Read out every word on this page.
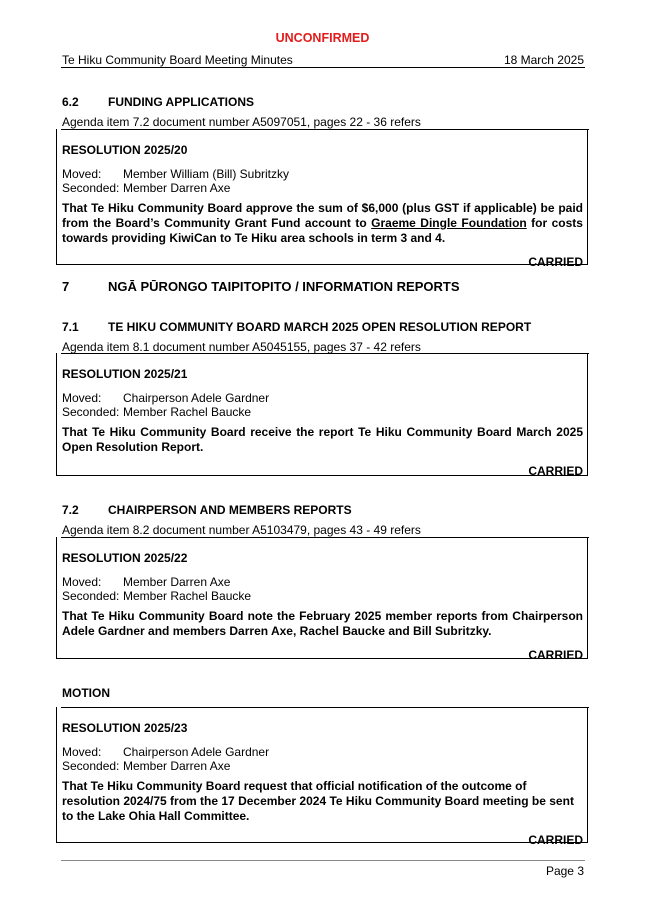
UNCONFIRMED
Te Hiku Community Board Meeting Minutes	18 March 2025
6.2 FUNDING APPLICATIONS
Agenda item 7.2 document number A5097051, pages 22 - 36 refers
RESOLUTION 2025/20
Moved: Member William (Bill) Subritzky
Seconded: Member Darren Axe
That Te Hiku Community Board approve the sum of $6,000 (plus GST if applicable) be paid from the Board’s Community Grant Fund account to Graeme Dingle Foundation for costs towards providing KiwiCan to Te Hiku area schools in term 3 and 4.
CARRIED
7	NGĀ PŪRONGO TAIPITOPITO / INFORMATION REPORTS
7.1 TE HIKU COMMUNITY BOARD MARCH 2025 OPEN RESOLUTION REPORT
Agenda item 8.1 document number A5045155, pages 37 - 42 refers
RESOLUTION 2025/21
Moved: Chairperson Adele Gardner
Seconded: Member Rachel Baucke
That Te Hiku Community Board receive the report Te Hiku Community Board March 2025 Open Resolution Report.
CARRIED
7.2 CHAIRPERSON AND MEMBERS REPORTS
Agenda item 8.2 document number A5103479, pages 43 - 49 refers
RESOLUTION 2025/22
Moved: Member Darren Axe
Seconded: Member Rachel Baucke
That Te Hiku Community Board note the February 2025 member reports from Chairperson Adele Gardner and members Darren Axe, Rachel Baucke and Bill Subritzky.
CARRIED
MOTION
RESOLUTION 2025/23
Moved: Chairperson Adele Gardner
Seconded: Member Darren Axe
That Te Hiku Community Board request that official notification of the outcome of resolution 2024/75 from the 17 December 2024 Te Hiku Community Board meeting be sent to the Lake Ohia Hall Committee.
CARRIED
Page 3
